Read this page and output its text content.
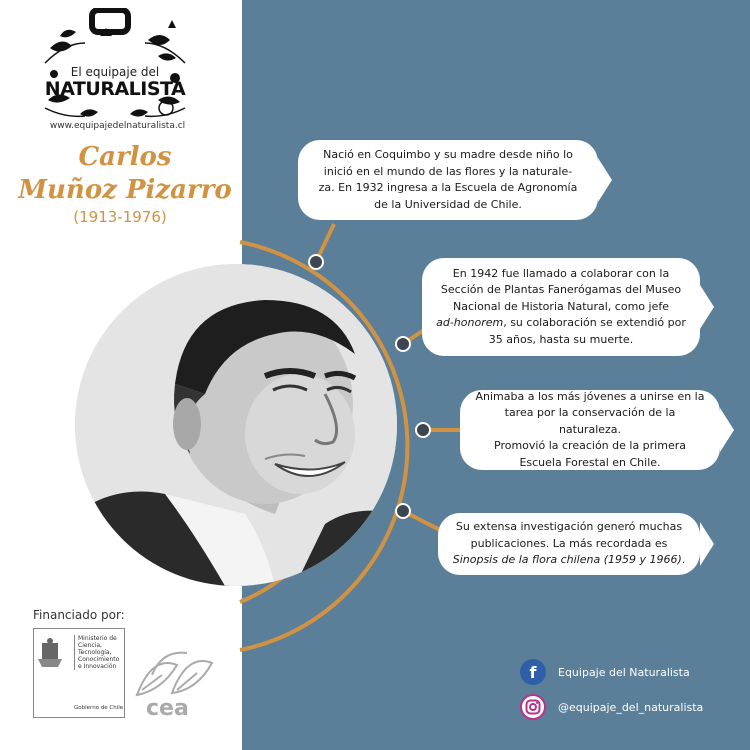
El equipaje del
NATURALISTA
www.equipajedelnaturalista.cl
Carlos
Muñoz Pizarro
(1913-1976)
Nació en Coquimbo y su madre desde niño lo
inició en el mundo de las flores y la naturale-
za. En 1932 ingresa a la Escuela de Agronomía
de la Universidad de Chile.
En 1942 fue llamado a colaborar con la
Sección de Plantas Fanerógamas del Museo
Nacional de Historia Natural, como jefe
ad-honorem, su colaboración se extendió por
35 años, hasta su muerte.
Animaba a los más jóvenes a unirse en la
tarea por la conservación de la naturaleza.
Promovió la creación de la primera
Escuela Forestal en Chile.
Su extensa investigación generó muchas
publicaciones. La más recordada es
Sinopsis de la flora chilena (1959 y 1966).
Financiado por:
Ministerio de
Ciencia,
Tecnología,
Conocimiento
e Innovación
Gobierno de Chile cea
f	Equipaje del Naturalista
@equipaje_del_naturalista
